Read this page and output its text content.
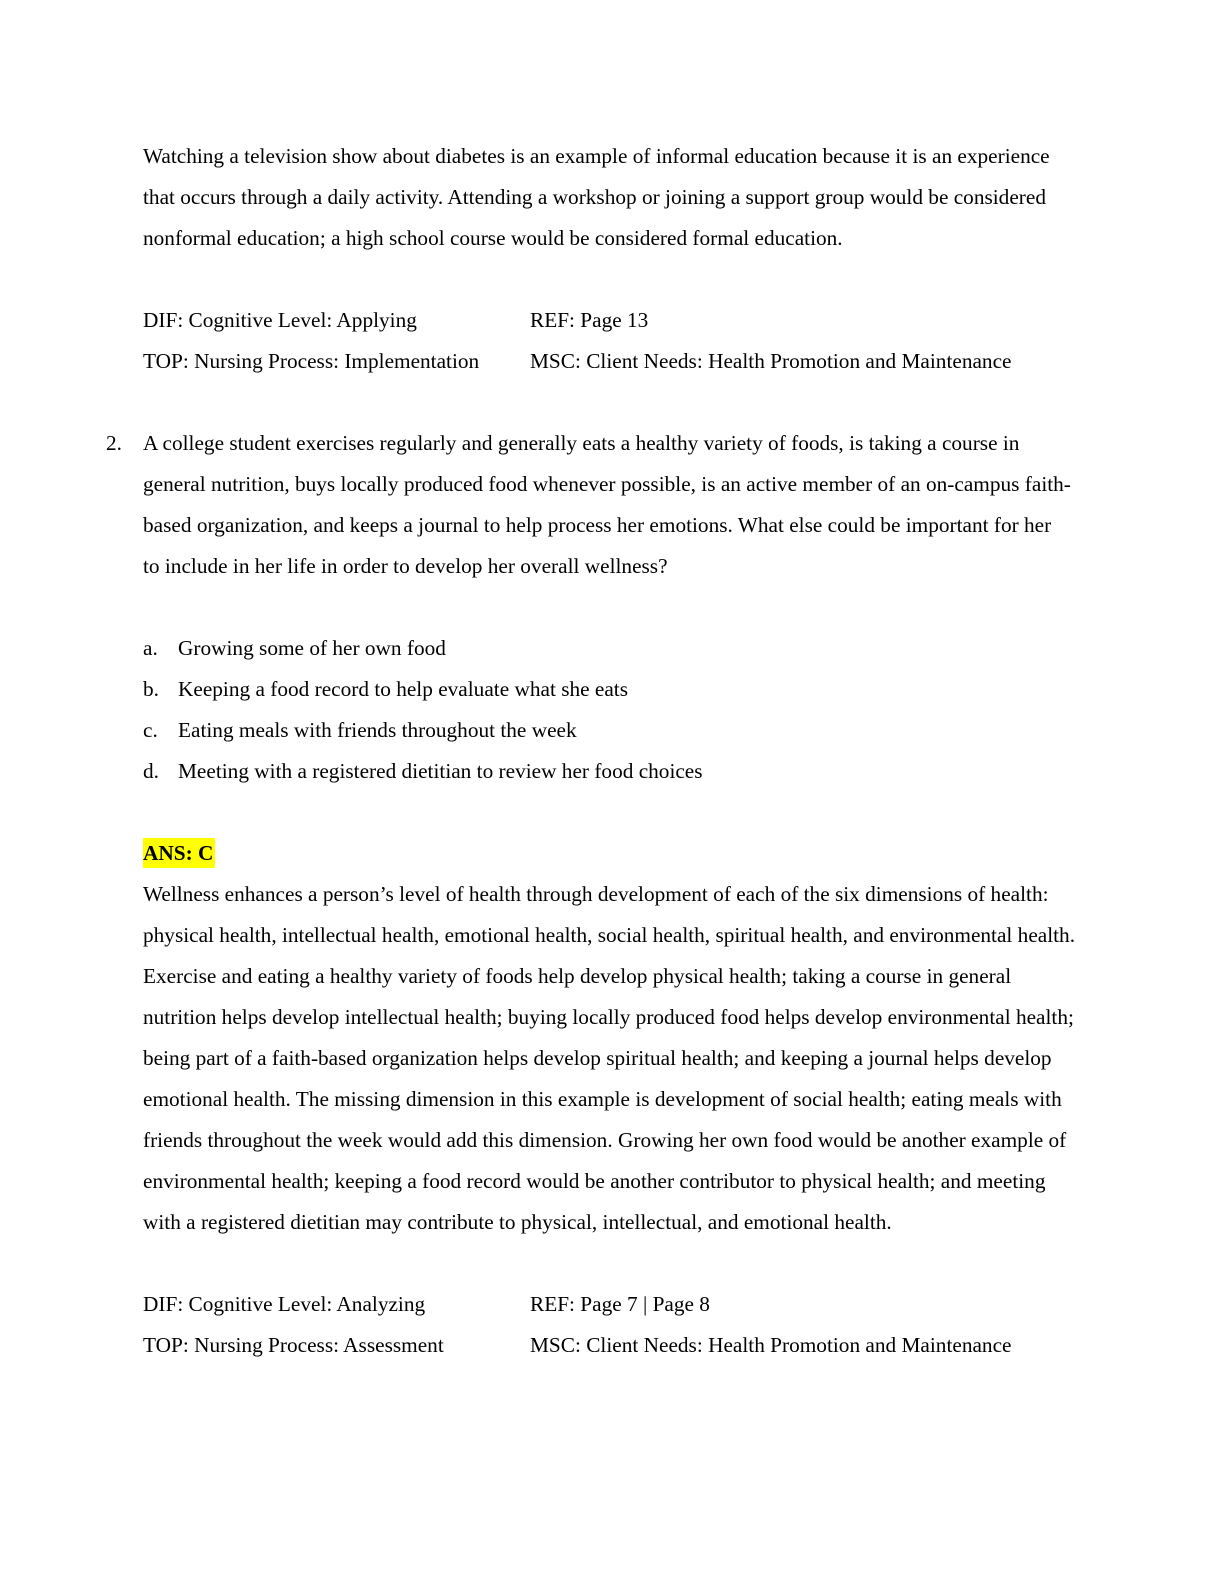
Watching a television show about diabetes is an example of informal education because it is an experience that occurs through a daily activity. Attending a workshop or joining a support group would be considered nonformal education; a high school course would be considered formal education.

DIF: Cognitive Level: Applying	REF: Page 13
TOP: Nursing Process: Implementation MSC: Client Needs: Health Promotion and Maintenance
2. A college student exercises regularly and generally eats a healthy variety of foods, is taking a course in general nutrition, buys locally produced food whenever possible, is an active member of an on-campus faith-based organization, and keeps a journal to help process her emotions. What else could be important for her to include in her life in order to develop her overall wellness?

a. Growing some of her own food
b. Keeping a food record to help evaluate what she eats
c. Eating meals with friends throughout the week
d. Meeting with a registered dietitian to review her food choices
ANS: C

Wellness enhances a person’s level of health through development of each of the six dimensions of health: physical health, intellectual health, emotional health, social health, spiritual health, and environmental health. Exercise and eating a healthy variety of foods help develop physical health; taking a course in general nutrition helps develop intellectual health; buying locally produced food helps develop environmental health; being part of a faith-based organization helps develop spiritual health; and keeping a journal helps develop emotional health. The missing dimension in this example is development of social health; eating meals with friends throughout the week would add this dimension. Growing her own food would be another example of environmental health; keeping a food record would be another contributor to physical health; and meeting with a registered dietitian may contribute to physical, intellectual, and emotional health.

DIF: Cognitive Level: Analyzing	REF: Page 7 | Page 8
TOP: Nursing Process: Assessment	MSC: Client Needs: Health Promotion and Maintenance
